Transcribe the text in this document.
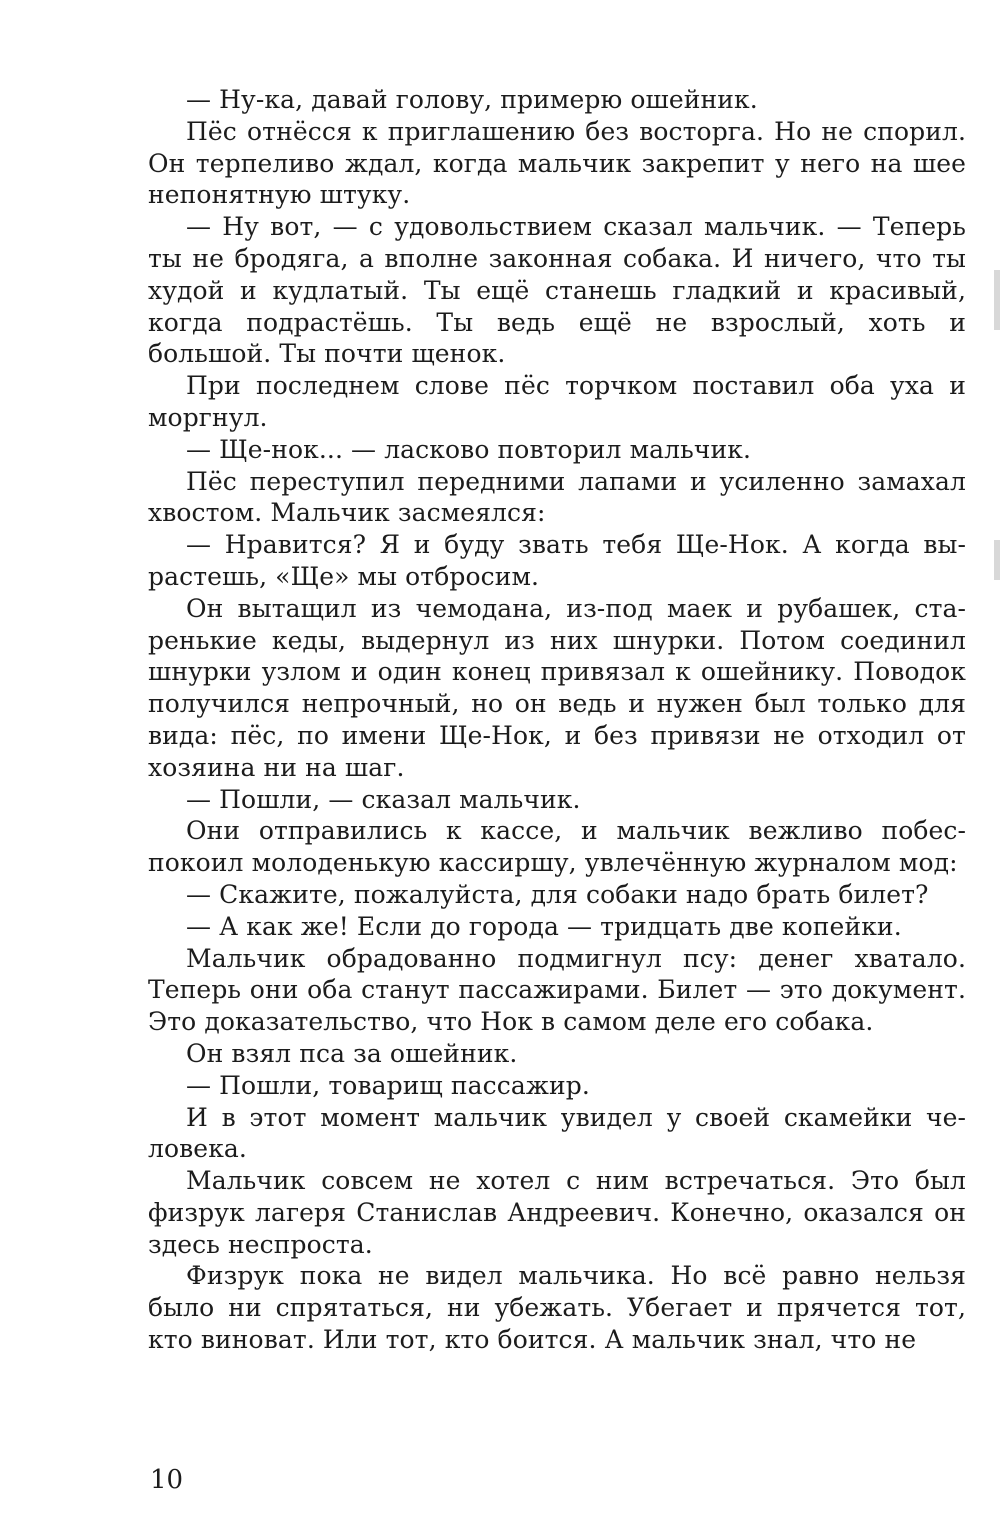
— Ну-ка, давай голову, примерю ошейник.

Пёс отнёсся к приглашению без восторга. Но не спорил. Он терпеливо ждал, когда мальчик закрепит у него на шее непонятную штуку.

— Ну вот, — с удовольствием сказал мальчик. — Теперь ты не бродяга, а вполне законная собака. И ничего, что ты худой и кудлатый. Ты ещё станешь гладкий и красивый, когда подрастёшь. Ты ведь ещё не взрослый, хоть и большой. Ты почти щенок.

При последнем слове пёс торчком поставил оба уха и моргнул.

— Ще-нок... — ласково повторил мальчик.

Пёс переступил передними лапами и усиленно замахал хвостом. Мальчик засмеялся:

— Нравится? Я и буду звать тебя Ще-Нок. А когда вырастешь, «Ще» мы отбросим.

Он вытащил из чемодана, из-под маек и рубашек, старенькие кеды, выдернул из них шнурки. Потом соединил шнурки узлом и один конец привязал к ошейнику. Поводок получился непрочный, но он ведь и нужен был только для вида: пёс, по имени Ще-Нок, и без привязи не отходил от хозяина ни на шаг.

— Пошли, — сказал мальчик.

Они отправились к кассе, и мальчик вежливо побеспокоил молоденькую кассиршу, увлечённую журналом мод:

— Скажите, пожалуйста, для собаки надо брать билет?

— А как же! Если до города — тридцать две копейки.

Мальчик обрадованно подмигнул псу: денег хватало. Теперь они оба станут пассажирами. Билет — это документ. Это доказательство, что Нок в самом деле его собака.

Он взял пса за ошейник.

— Пошли, товарищ пассажир.

И в этот момент мальчик увидел у своей скамейки человека.

Мальчик совсем не хотел с ним встречаться. Это был физрук лагеря Станислав Андреевич. Конечно, оказался он здесь неспроста.

Физрук пока не видел мальчика. Но всё равно нельзя было ни спрятаться, ни убежать. Убегает и прячется тот, кто виноват. Или тот, кто боится. А мальчик знал, что не

10
